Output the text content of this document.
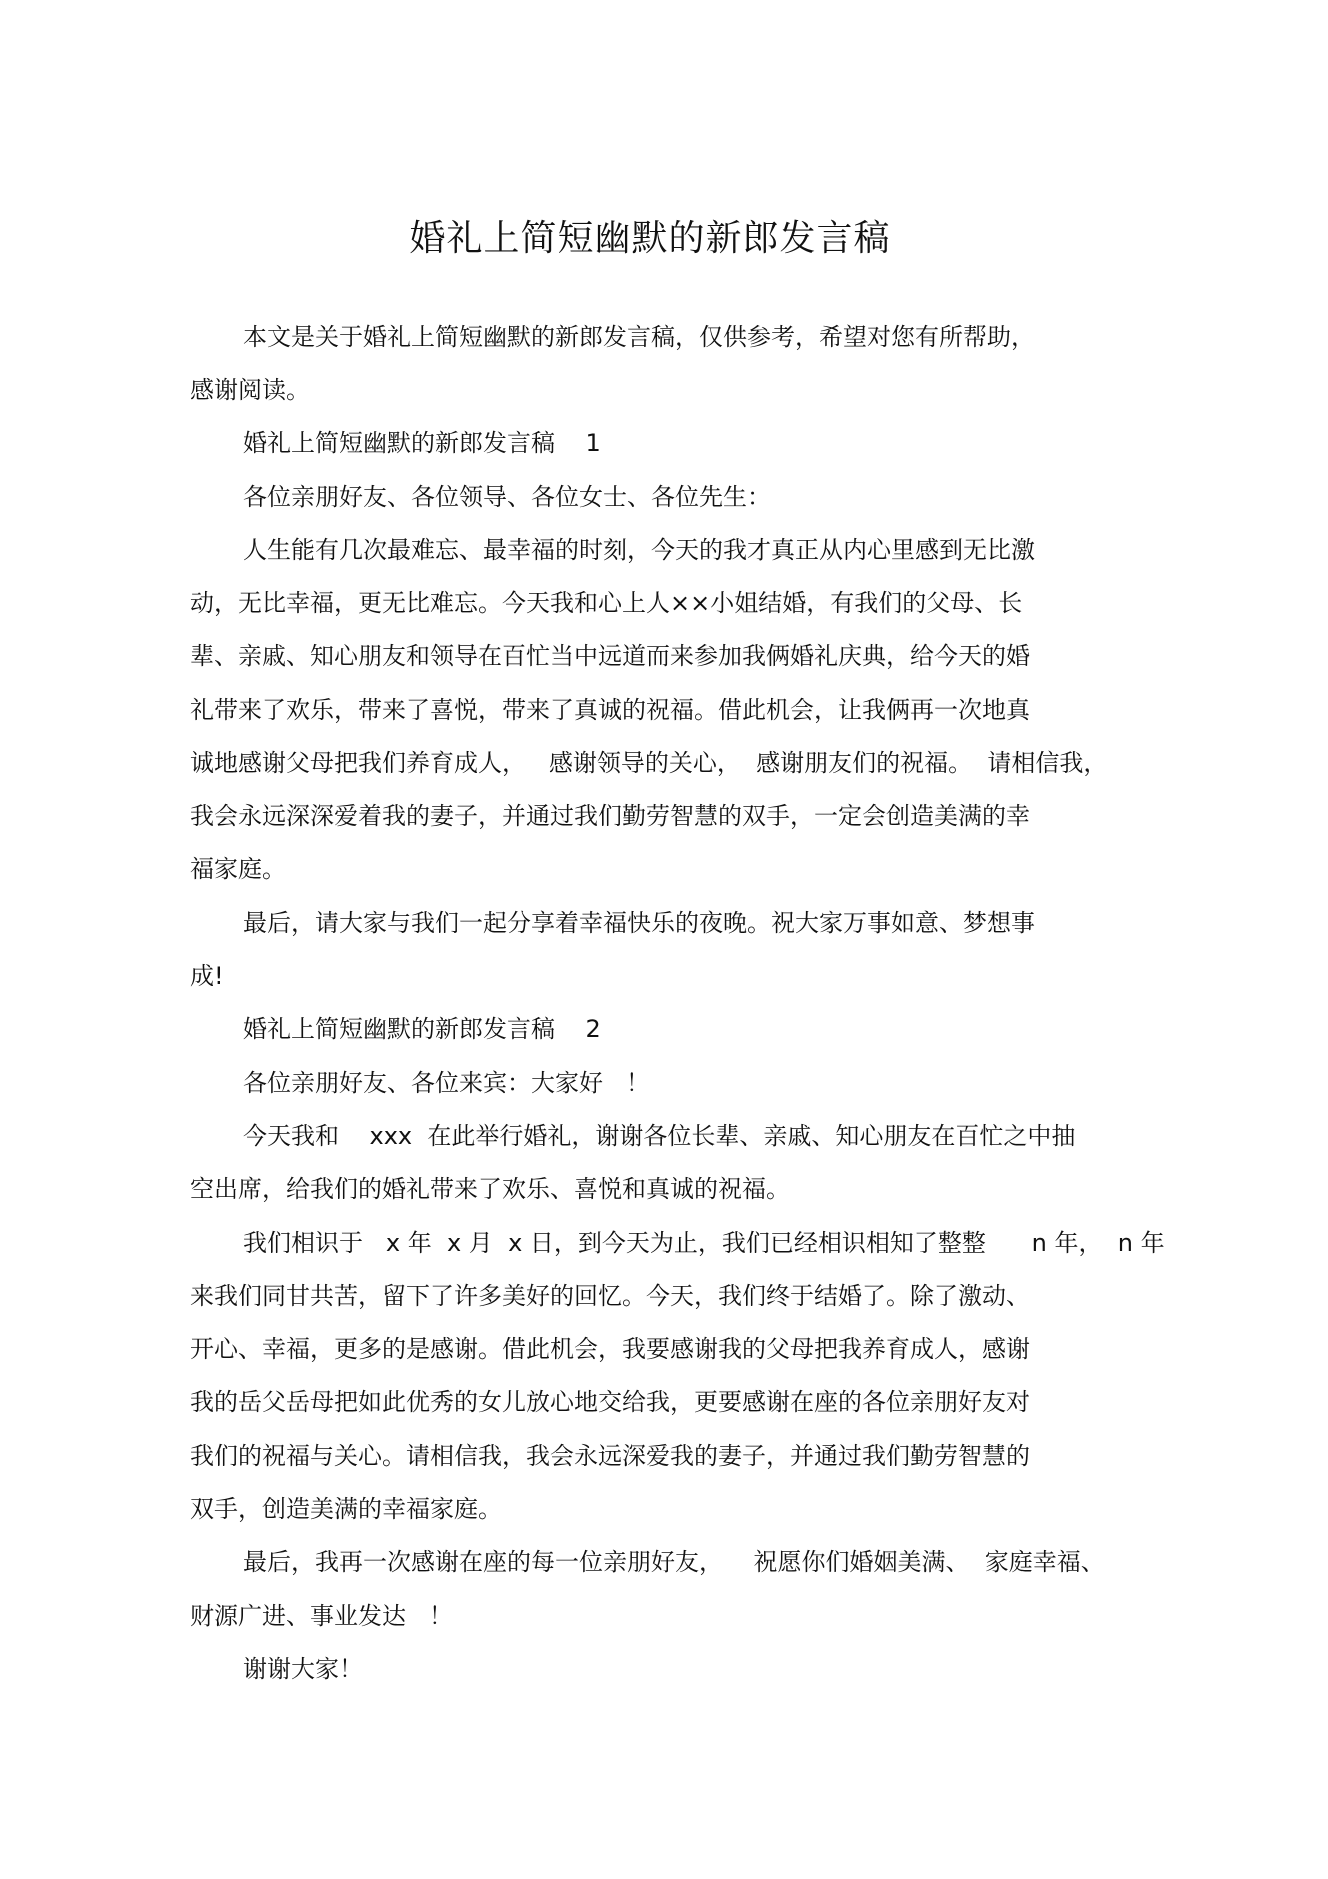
婚礼上简短幽默的新郎发言稿
本文是关于婚礼上简短幽默的新郎发言稿，仅供参考，希望对您有所帮助，
感谢阅读。
婚礼上简短幽默的新郎发言稿    1
各位亲朋好友、各位领导、各位女士、各位先生：
人生能有几次最难忘、最幸福的时刻，今天的我才真正从内心里感到无比激
动，无比幸福，更无比难忘。今天我和心上人××小姐结婚，有我们的父母、长
辈、亲戚、知心朋友和领导在百忙当中远道而来参加我俩婚礼庆典，给今天的婚
礼带来了欢乐，带来了喜悦，带来了真诚的祝福。借此机会，让我俩再一次地真
诚地感谢父母把我们养育成人，   感谢领导的关心，  感谢朋友们的祝福。  请相信我，
我会永远深深爱着我的妻子，并通过我们勤劳智慧的双手，一定会创造美满的幸
福家庭。
最后，请大家与我们一起分享着幸福快乐的夜晚。祝大家万事如意、梦想事
成!
婚礼上简短幽默的新郎发言稿    2
各位亲朋好友、各位来宾：大家好   ！
今天我和    xxx  在此举行婚礼，谢谢各位长辈、亲戚、知心朋友在百忙之中抽
空出席，给我们的婚礼带来了欢乐、喜悦和真诚的祝福。
我们相识于   x 年  x 月  x 日，到今天为止，我们已经相识相知了整整      n 年，  n 年
来我们同甘共苦，留下了许多美好的回忆。今天，我们终于结婚了。除了激动、
开心、幸福，更多的是感谢。借此机会，我要感谢我的父母把我养育成人，感谢
我的岳父岳母把如此优秀的女儿放心地交给我，更要感谢在座的各位亲朋好友对
我们的祝福与关心。请相信我，我会永远深爱我的妻子，并通过我们勤劳智慧的
双手，创造美满的幸福家庭。
最后，我再一次感谢在座的每一位亲朋好友，    祝愿你们婚姻美满、  家庭幸福、
财源广进、事业发达   ！
谢谢大家！
